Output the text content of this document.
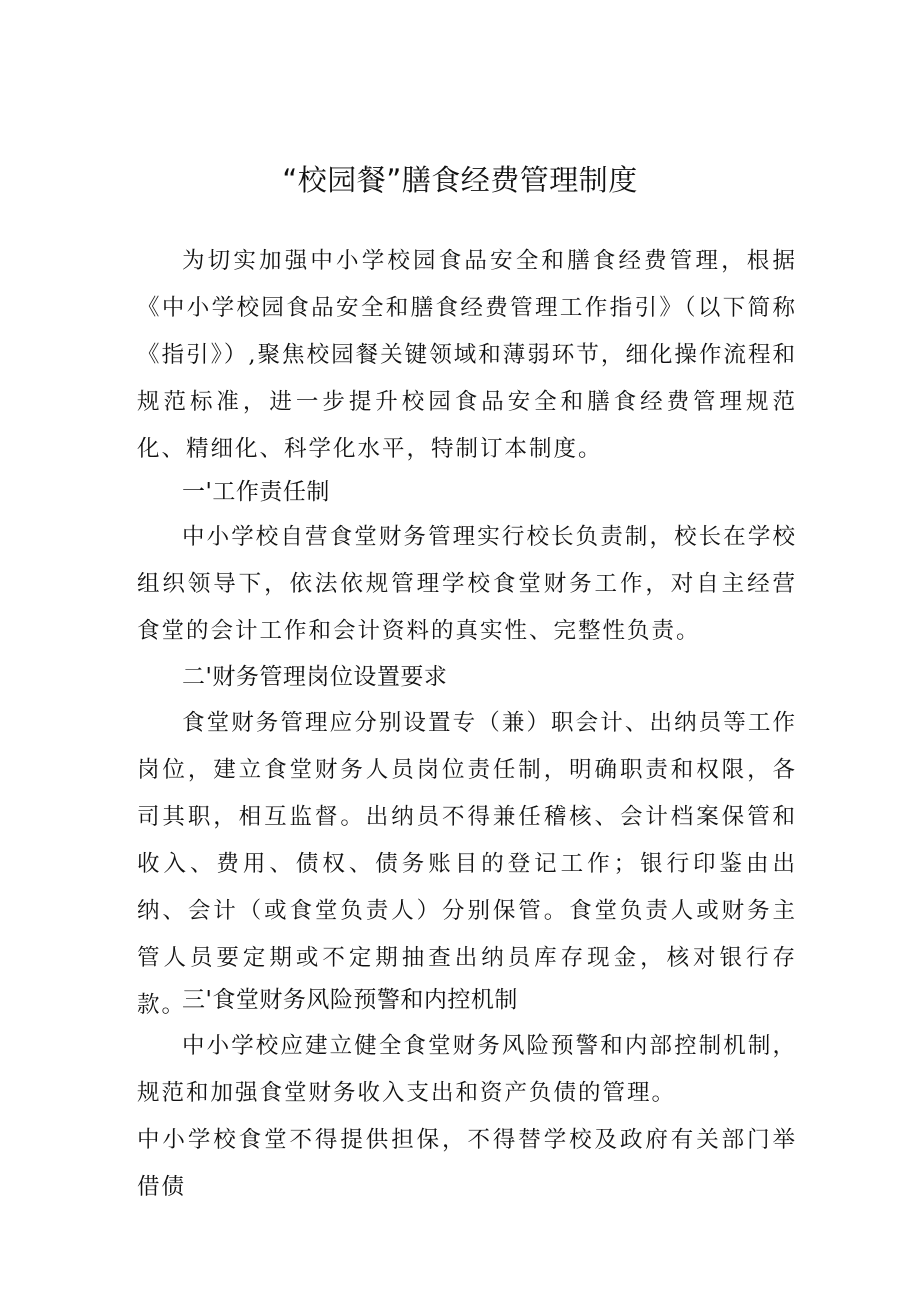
“校园餐”膳食经费管理制度

为切实加强中小学校园食品安全和膳食经费管理，根据《中小学校园食品安全和膳食经费管理工作指引》（以下简称《指引》）,聚焦校园餐关键领域和薄弱环节，细化操作流程和规范标准，进一步提升校园食品安全和膳食经费管理规范化、精细化、科学化水平，特制订本制度。

一'工作责任制

中小学校自营食堂财务管理实行校长负责制，校长在学校组织领导下，依法依规管理学校食堂财务工作，对自主经营食堂的会计工作和会计资料的真实性、完整性负责。

二'财务管理岗位设置要求

食堂财务管理应分别设置专（兼）职会计、出纳员等工作岗位，建立食堂财务人员岗位责任制，明确职责和权限，各司其职，相互监督。出纳员不得兼任稽核、会计档案保管和收入、费用、债权、债务账目的登记工作；银行印鉴由出纳、会计（或食堂负责人）分别保管。食堂负责人或财务主管人员要定期或不定期抽查出纳员库存现金，核对银行存款。

三'食堂财务风险预警和内控机制

中小学校应建立健全食堂财务风险预警和内部控制机制，规范和加强食堂财务收入支出和资产负债的管理。

中小学校食堂不得提供担保，不得替学校及政府有关部门举借债
